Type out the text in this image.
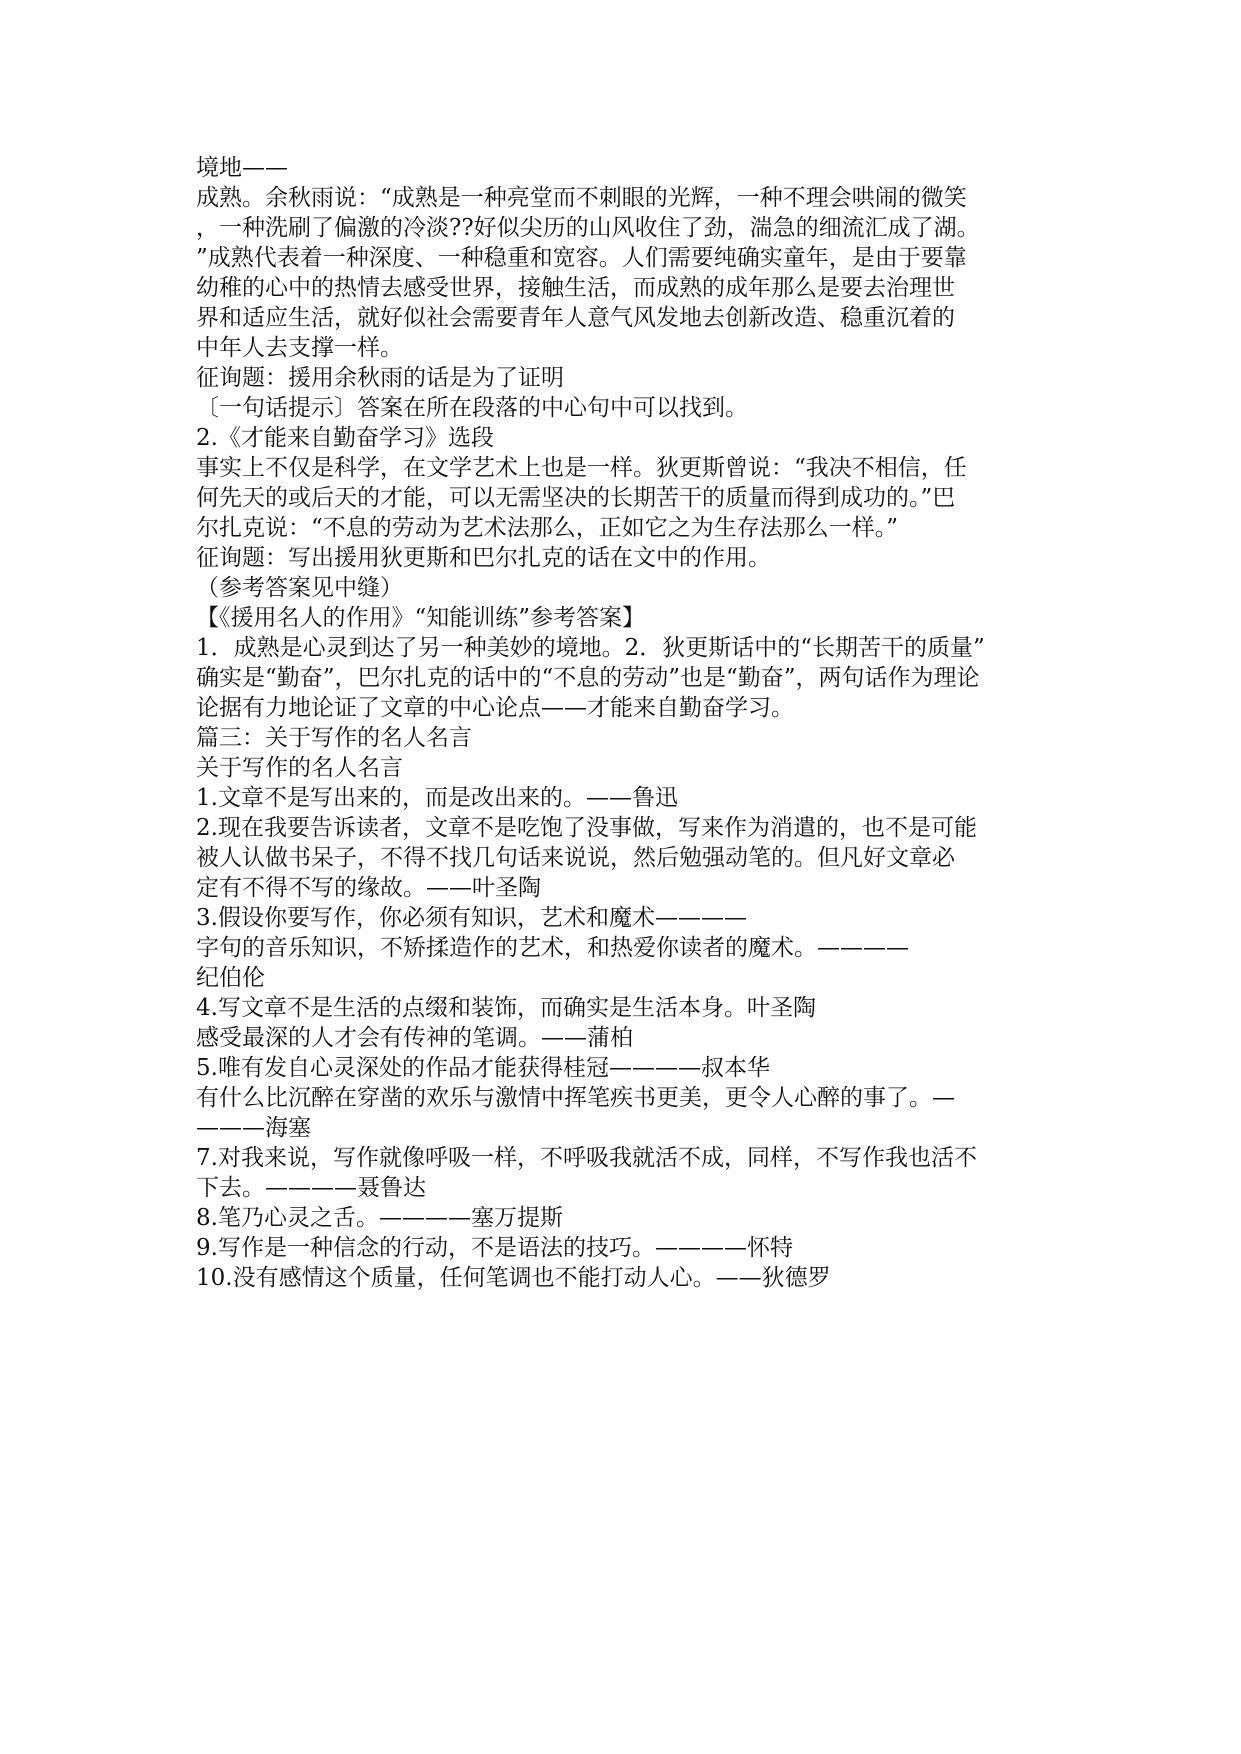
境地——
成熟。余秋雨说：“成熟是一种亮堂而不刺眼的光辉，一种不理会哄闹的微笑
，一种洗刷了偏激的冷淡??好似尖历的山风收住了劲，湍急的细流汇成了湖。
”成熟代表着一种深度、一种稳重和宽容。人们需要纯确实童年，是由于要靠
幼稚的心中的热情去感受世界，接触生活，而成熟的成年那么是要去治理世
界和适应生活，就好似社会需要青年人意气风发地去创新改造、稳重沉着的
中年人去支撑一样。
征询题：援用余秋雨的话是为了证明
〔一句话提示〕答案在所在段落的中心句中可以找到。
2.《才能来自勤奋学习》选段
事实上不仅是科学，在文学艺术上也是一样。狄更斯曾说：“我决不相信，任
何先天的或后天的才能，可以无需坚决的长期苦干的质量而得到成功的。”巴
尔扎克说：“不息的劳动为艺术法那么，正如它之为生存法那么一样。”
征询题：写出援用狄更斯和巴尔扎克的话在文中的作用。
（参考答案见中缝）
【《援用名人的作用》“知能训练”参考答案】
1．成熟是心灵到达了另一种美妙的境地。2．狄更斯话中的“长期苦干的质量”
确实是“勤奋”，巴尔扎克的话中的“不息的劳动”也是“勤奋”，两句话作为理论
论据有力地论证了文章的中心论点——才能来自勤奋学习。
篇三：关于写作的名人名言
关于写作的名人名言
1.文章不是写出来的，而是改出来的。——鲁迅
2.现在我要告诉读者，文章不是吃饱了没事做，写来作为消遣的，也不是可能
被人认做书呆子，不得不找几句话来说说，然后勉强动笔的。但凡好文章必
定有不得不写的缘故。——叶圣陶
3.假设你要写作，你必须有知识，艺术和魔术————
字句的音乐知识，不矫揉造作的艺术，和热爱你读者的魔术。————
纪伯伦
4.写文章不是生活的点缀和装饰，而确实是生活本身。叶圣陶
感受最深的人才会有传神的笔调。——蒲柏
5.唯有发自心灵深处的作品才能获得桂冠————叔本华
有什么比沉醉在穿凿的欢乐与激情中挥笔疾书更美，更令人心醉的事了。—
———海塞
7.对我来说，写作就像呼吸一样，不呼吸我就活不成，同样，不写作我也活不
下去。————聂鲁达
8.笔乃心灵之舌。————塞万提斯
9.写作是一种信念的行动，不是语法的技巧。————怀特
10.没有感情这个质量，任何笔调也不能打动人心。——狄德罗
